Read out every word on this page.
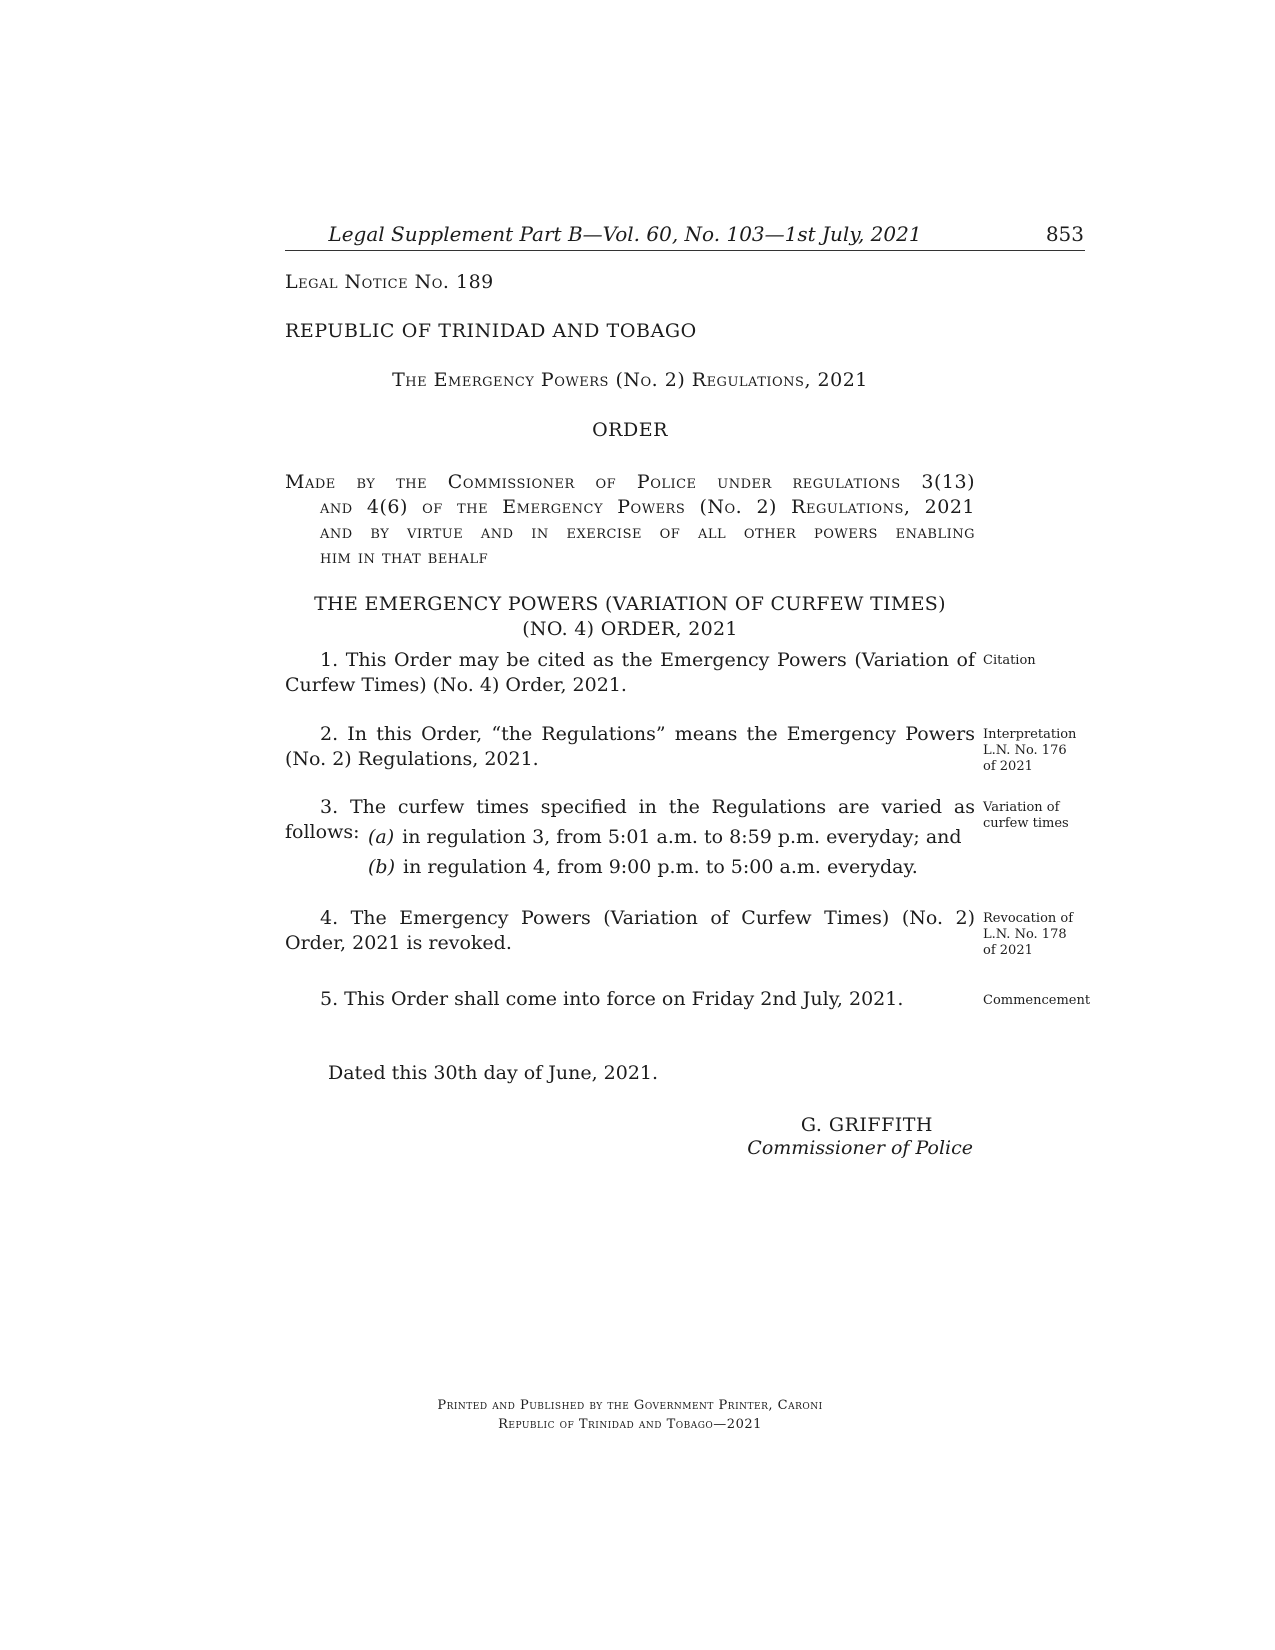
Legal Supplement Part B—Vol. 60, No. 103—1st July, 2021	853

Legal Notice No. 189

REPUBLIC OF TRINIDAD AND TOBAGO

The Emergency Powers (No. 2) Regulations, 2021

ORDER

Made by the Commissioner of Police under regulations 3(13)
and 4(6) of the Emergency Powers (No. 2) Regulations, 2021
and by virtue and in exercise of all other powers enabling
him in that behalf
THE EMERGENCY POWERS (VARIATION OF CURFEW TIMES)
(NO. 4) ORDER, 2021
1. This Order may be cited as the Emergency Powers (Variation of Curfew Times) (No. 4) Order, 2021.
Citation
2. In this Order, “the Regulations” means the Emergency Powers (No. 2) Regulations, 2021.
Interpretation L.N. No. 176 of 2021
3. The curfew times specified in the Regulations are varied as follows:
Variation of curfew times
(a) in regulation 3, from 5:01 a.m. to 8:59 p.m. everyday; and
(b) in regulation 4, from 9:00 p.m. to 5:00 a.m. everyday.
4. The Emergency Powers (Variation of Curfew Times) (No. 2) Order, 2021 is revoked.
Revocation of L.N. No. 178 of 2021
5. This Order shall come into force on Friday 2nd July, 2021.	Commencement

Dated this 30th day of June, 2021.

G. GRIFFITH

Commissioner of Police

Printed and Published by the Government Printer, Caroni

Republic of Trinidad and Tobago—2021
